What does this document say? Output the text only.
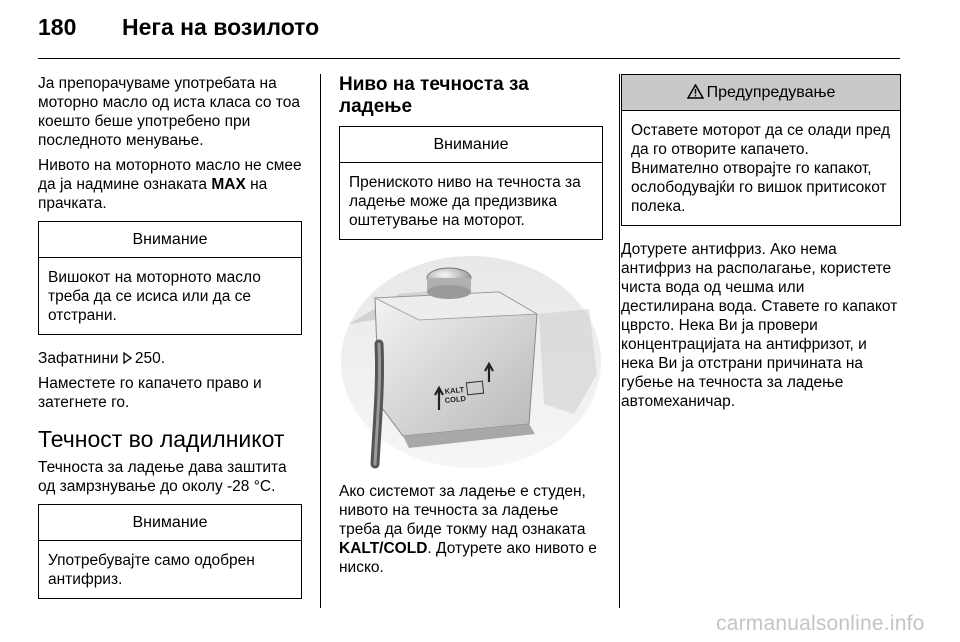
180 Нега на возилото

Ја препорачуваме употребата на моторно масло од иста класа со тоа коешто беше употребено при последното менување.

Нивото на моторното масло не смее да ја надмине ознаката MAX на прачката.

Внимание
Вишокот на моторното масло треба да се исиса или да се отстрани.

Зафатнини 250.

Наместете го капачето право и затегнете го.

Течност во ладилникот

Течноста за ладење дава заштита од замрзнување до околу -28 °C.

Внимание
Употребувајте само одобрен антифриз.
Ниво на течноста за ладење
Внимание
Прениското ниво на течноста за ладење може да предизвика оштетување на моторот.
KALT
COLD

Ако системот за ладење е студен, нивото на течноста за ладење треба да биде токму над ознаката KALT/COLD. Дотурете ако нивото е ниско.

Предупредување
Оставете моторот да се олади пред да го отворите капачето. Внимателно отворајте го капакот, ослободувајќи го вишок притисокот полека.

Дотурете антифриз. Ако нема антифриз на располагање, користете чиста вода од чешма или дестилирана вода. Ставете го капакот цврсто. Нека Ви ја провери концентрацијата на антифризот, и нека Ви ја отстрани причината на губење на течноста за ладење автомеханичар.

carmanualsonline.info
